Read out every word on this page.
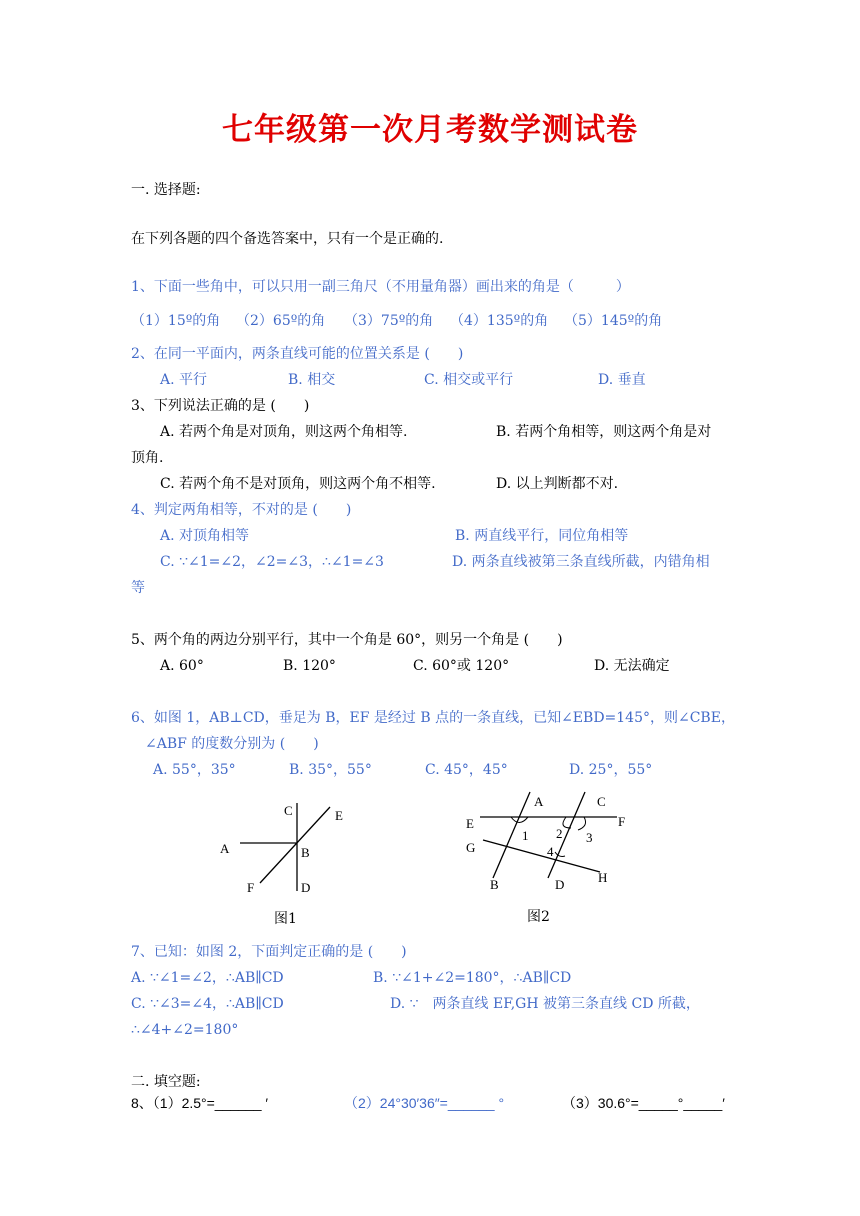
七年级第一次月考数学测试卷
一. 选择题:
在下列各题的四个备选答案中，只有一个是正确的.
1、下面一些角中，可以只用一副三角尺（不用量角器）画出来的角是（　　　）
（1）15º的角 （2）65º的角 （3）75º的角 （4）135º的角 （5）145º的角
2、在同一平面内，两条直线可能的位置关系是 (　　)
A. 平行	B. 相交	C. 相交或平行	D. 垂直
3、下列说法正确的是 (　　)
A. 若两个角是对顶角，则这两个角相等.	B. 若两个角相等，则这两个角是对
顶角.
C. 若两个角不是对顶角，则这两个角不相等.	D. 以上判断都不对.
4、判定两角相等，不对的是 (　　)
A. 对顶角相等	B. 两直线平行，同位角相等
C. ∵∠1=∠2，∠2=∠3，∴∠1=∠3	D. 两条直线被第三条直线所截，内错角相
等
5、两个角的两边分别平行，其中一个角是 60°，则另一个角是 (　　)
A. 60°	B. 120°	C. 60°或 120°	D. 无法确定
6、如图 1，AB⊥CD，垂足为 B，EF 是经过 B 点的一条直线，已知∠EBD=145°，则∠CBE，
∠ABF 的度数分别为 (　　)
A. 55°，35°	B. 35°，55°	C. 45°，45°	D. 25°，55°
C	E
A	B
F	D
图1
A	C
E	F
G
H
B	D
1 2 3
4
图2
7、已知：如图 2，下面判定正确的是 (　　)
A. ∵∠1=∠2，∴AB∥CD	B. ∵∠1+∠2=180°，∴AB∥CD
C. ∵∠3=∠4，∴AB∥CD	D. ∵　两条直线 EF,GH 被第三条直线 CD 所截，
∴∠4+∠2=180°
二. 填空题:
8、（1）2.5°=______ ′	（2）24°30′36″=______ °	（3）30.6°=_____°_____′
